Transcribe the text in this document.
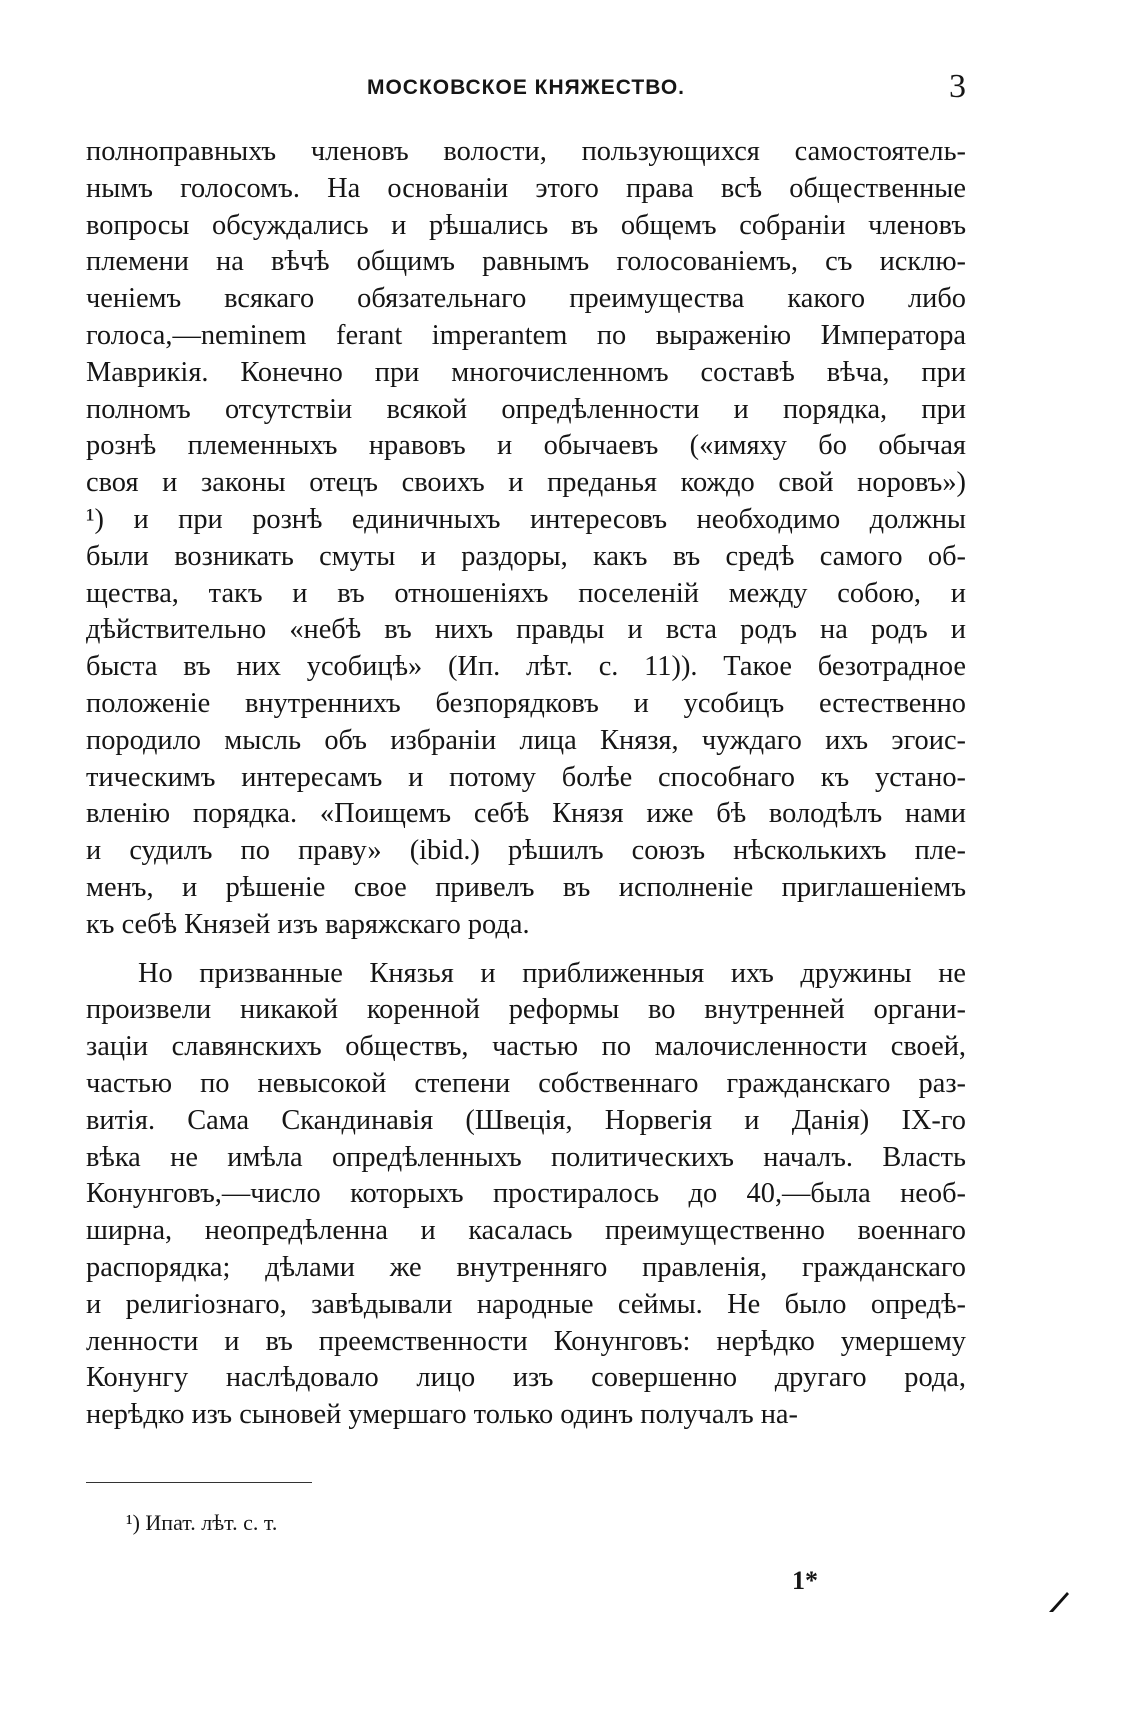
МОСКОВСКОЕ КНЯЖЕСТВО.	3
полноправныхъ членовъ волости, пользующихся самостоятель-
нымъ голосомъ. На основаніи этого права всѣ общественные
вопросы обсуждались и рѣшались въ общемъ собраніи членовъ
племени на вѣчѣ общимъ равнымъ голосованіемъ, съ исклю-
ченіемъ всякаго обязательнаго преимущества какого либо
голоса,—neminem ferant imperantem по выраженію Императора
Маврикія. Конечно при многочисленномъ составѣ вѣча, при
полномъ отсутствіи всякой опредѣленности и порядка, при
рознѣ племенныхъ нравовъ и обычаевъ («имяху бо обычая
своя и законы отецъ своихъ и преданья кождо свой норовъ»)
¹) и при рознѣ единичныхъ интересовъ необходимо должны
были возникать смуты и раздоры, какъ въ средѣ самого об-
щества, такъ и въ отношеніяхъ поселеній между собою, и
дѣйствительно «небѣ въ нихъ правды и вста родъ на родъ и
быста въ них усобицѣ» (Ип. лѣт. с. 11)). Такое безотрадное
положеніе внутреннихъ безпорядковъ и усобицъ естественно
породило мысль объ избраніи лица Князя, чуждаго ихъ эгоис-
тическимъ интересамъ и потому болѣе способнаго къ устано-
вленію порядка. «Поищемъ себѣ Князя иже бѣ володѣлъ нами
и судилъ по праву» (ibid.) рѣшилъ союзъ нѣсколькихъ пле-
менъ, и рѣшеніе свое привелъ въ исполненіе приглашеніемъ
къ себѣ Князей изъ варяжскаго рода.
Но призванные Князья и приближенныя ихъ дружины не
произвели никакой коренной реформы во внутренней органи-
заціи славянскихъ обществъ, частью по малочисленности своей,
частью по невысокой степени собственнаго гражданскаго раз-
витія. Сама Скандинавія (Швеція, Норвегія и Данія) IX-го
вѣка не имѣла опредѣленныхъ политическихъ началъ. Власть
Конунговъ,—число которыхъ простиралось до 40,—была необ-
ширна, неопредѣленна и касалась преимущественно военнаго
распорядка; дѣлами же внутренняго правленія, гражданскаго
и религіознаго, завѣдывали народные сеймы. Не было опредѣ-
ленности и въ преемственности Конунговъ: нерѣдко умершему
Конунгу наслѣдовало лицо изъ совершенно другаго рода,
нерѣдко изъ сыновей умершаго только одинъ получалъ на-
¹) Ипат. лѣт. с. т.
1*
